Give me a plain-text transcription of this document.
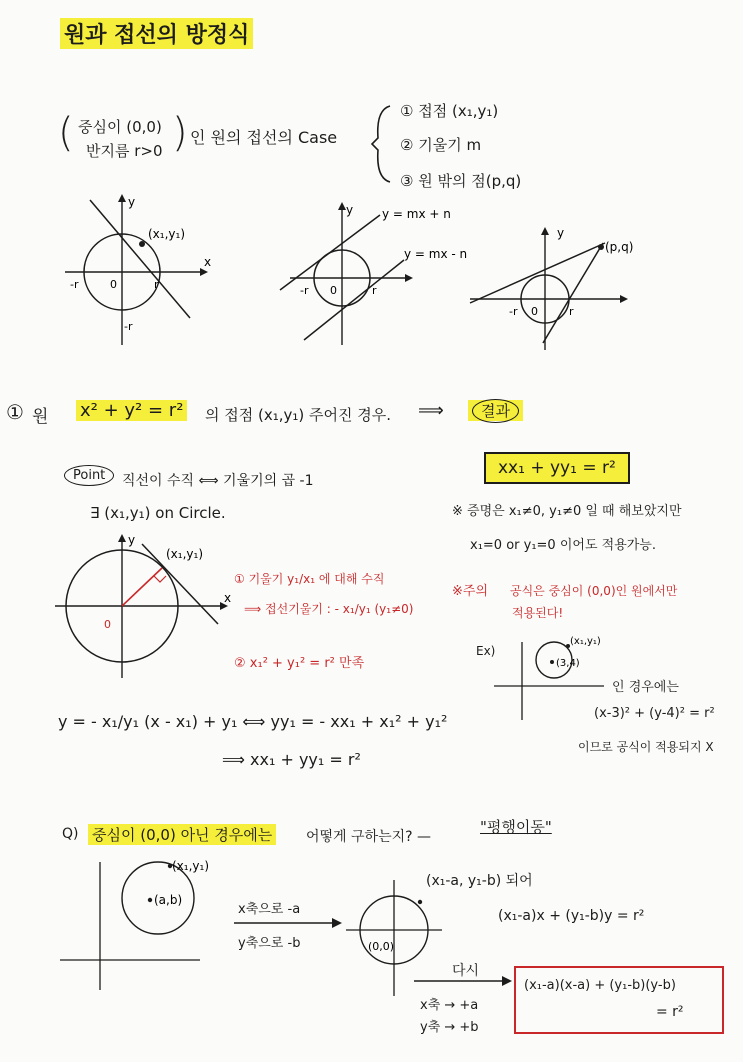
원과 접선의 방정식
( 중심이 (0,0)
반지름 r>0 ) 인 원의 접선의 Case
① 접점 (x₁,y₁)
② 기울기 m
③ 원 밖의 점(p,q)
(x₁,y₁)
x
y
-r	0	r
-r
y = mx + n
y = mx - n
-r 0	r
y
(p,q)
-r 0	r
y
① 원 x² + y² = r² 의 접점 (x₁,y₁) 주어진 경우. ⟹	결과
xx₁ + yy₁ = r²
Point	직선이 수직 ⟺ 기울기의 곱 -1
∃ (x₁,y₁) on Circle.	※ 증명은 x₁≠0, y₁≠0 일 때 해보았지만
x₁=0 or y₁=0 이어도 적용가능.
※주의 공식은 중심이 (0,0)인 원에서만
적용된다!
(x₁,y₁)
0
x
y
① 기울기 y₁/x₁ 에 대해 수직
⟹ 접선기울기 : - x₁/y₁ (y₁≠0)
② x₁² + y₁² = r² 만족
Ex)
(x₁,y₁)
(3,4)
인 경우에는
(x-3)² + (y-4)² = r²
이므로 공식이 적용되지 X
y = - x₁/y₁ (x - x₁) + y₁ ⟺ yy₁ = - xx₁ + x₁² + y₁²
⟹ xx₁ + yy₁ = r²
Q) 중심이 (0,0) 아닌 경우에는 어떻게 구하는지? —
"평행이동"
(x₁,y₁)
(a,b)
x축으로 -a
y축으로 -b	(0,0)
(x₁-a, y₁-b) 되어
(x₁-a)x + (y₁-b)y = r²
다시
x축 → +a
y축 → +b
(x₁-a)(x-a) + (y₁-b)(y-b)
= r²
